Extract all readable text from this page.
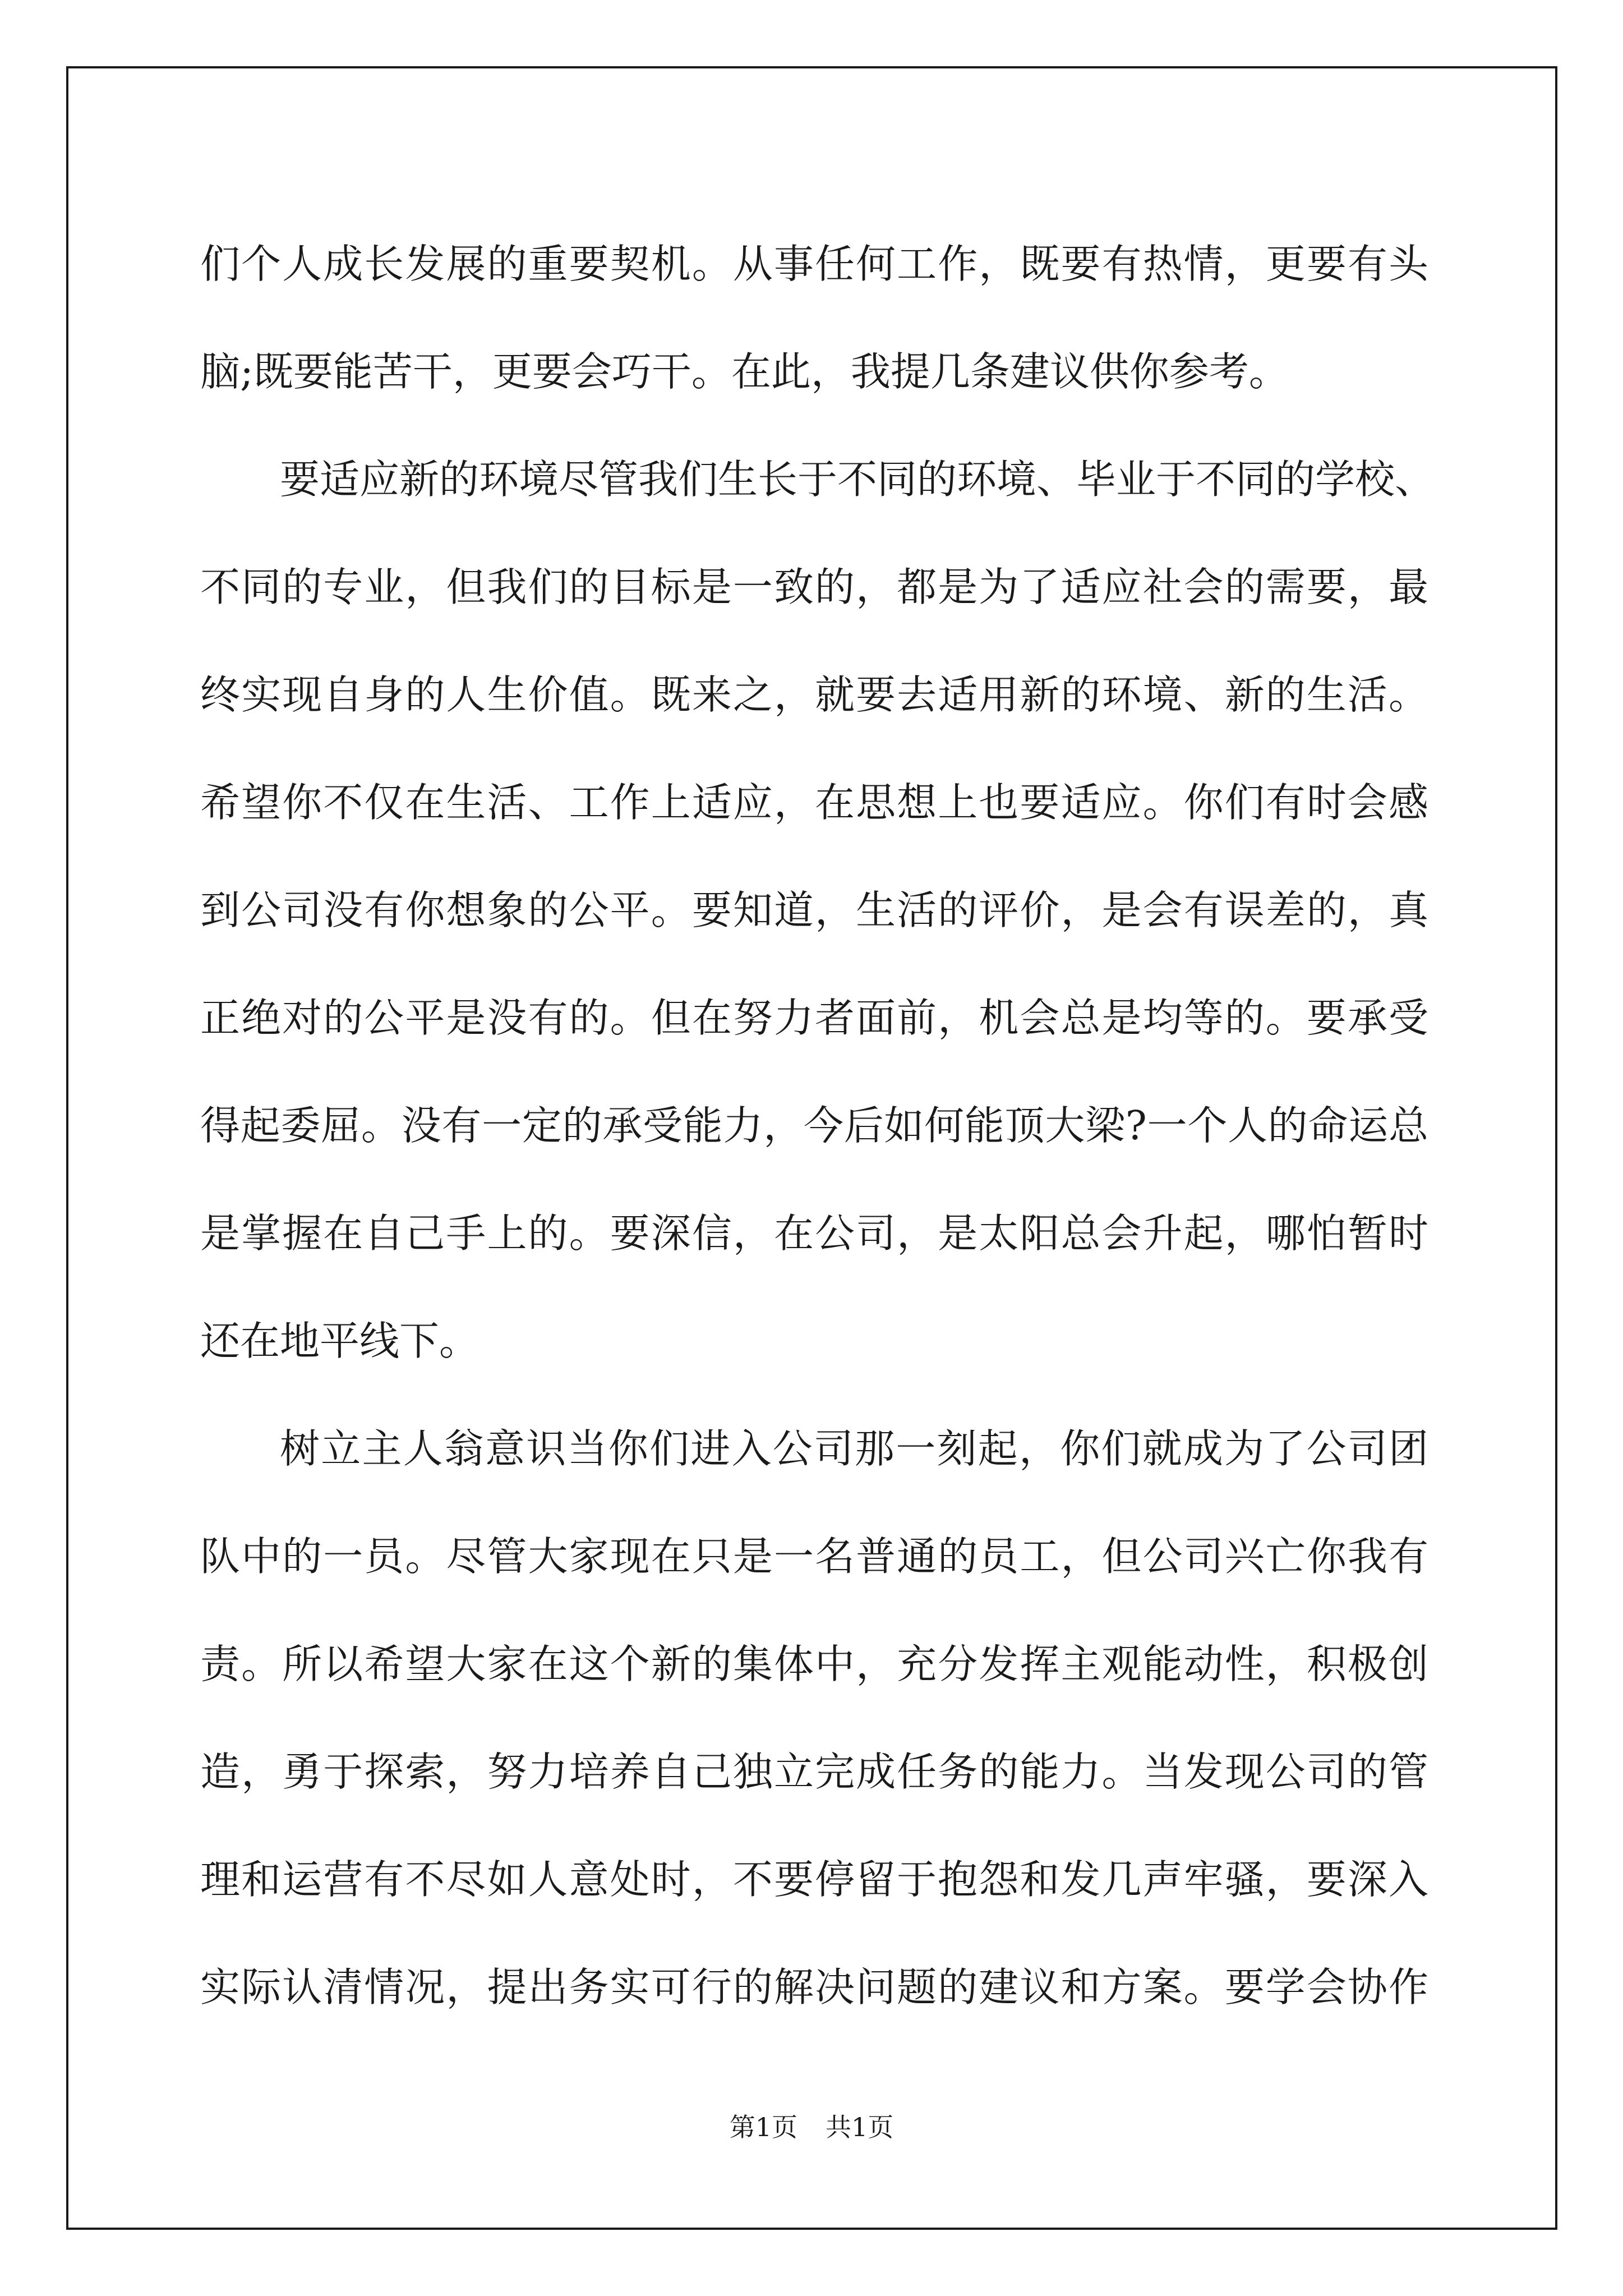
们个人成长发展的重要契机。从事任何工作，既要有热情，更要有头
脑;既要能苦干，更要会巧干。在此，我提几条建议供你参考。
要适应新的环境尽管我们生长于不同的环境、毕业于不同的学校、
不同的专业，但我们的目标是一致的，都是为了适应社会的需要，最
终实现自身的人生价值。既来之，就要去适用新的环境、新的生活。
希望你不仅在生活、工作上适应，在思想上也要适应。你们有时会感
到公司没有你想象的公平。要知道，生活的评价，是会有误差的，真
正绝对的公平是没有的。但在努力者面前，机会总是均等的。要承受
得起委屈。没有一定的承受能力，今后如何能顶大梁?一个人的命运总
是掌握在自己手上的。要深信，在公司，是太阳总会升起，哪怕暂时
还在地平线下。
树立主人翁意识当你们进入公司那一刻起，你们就成为了公司团
队中的一员。尽管大家现在只是一名普通的员工，但公司兴亡你我有
责。所以希望大家在这个新的集体中，充分发挥主观能动性，积极创
造，勇于探索，努力培养自己独立完成任务的能力。当发现公司的管
理和运营有不尽如人意处时，不要停留于抱怨和发几声牢骚，要深入
实际认清情况，提出务实可行的解决问题的建议和方案。要学会协作
第1页 共1页
